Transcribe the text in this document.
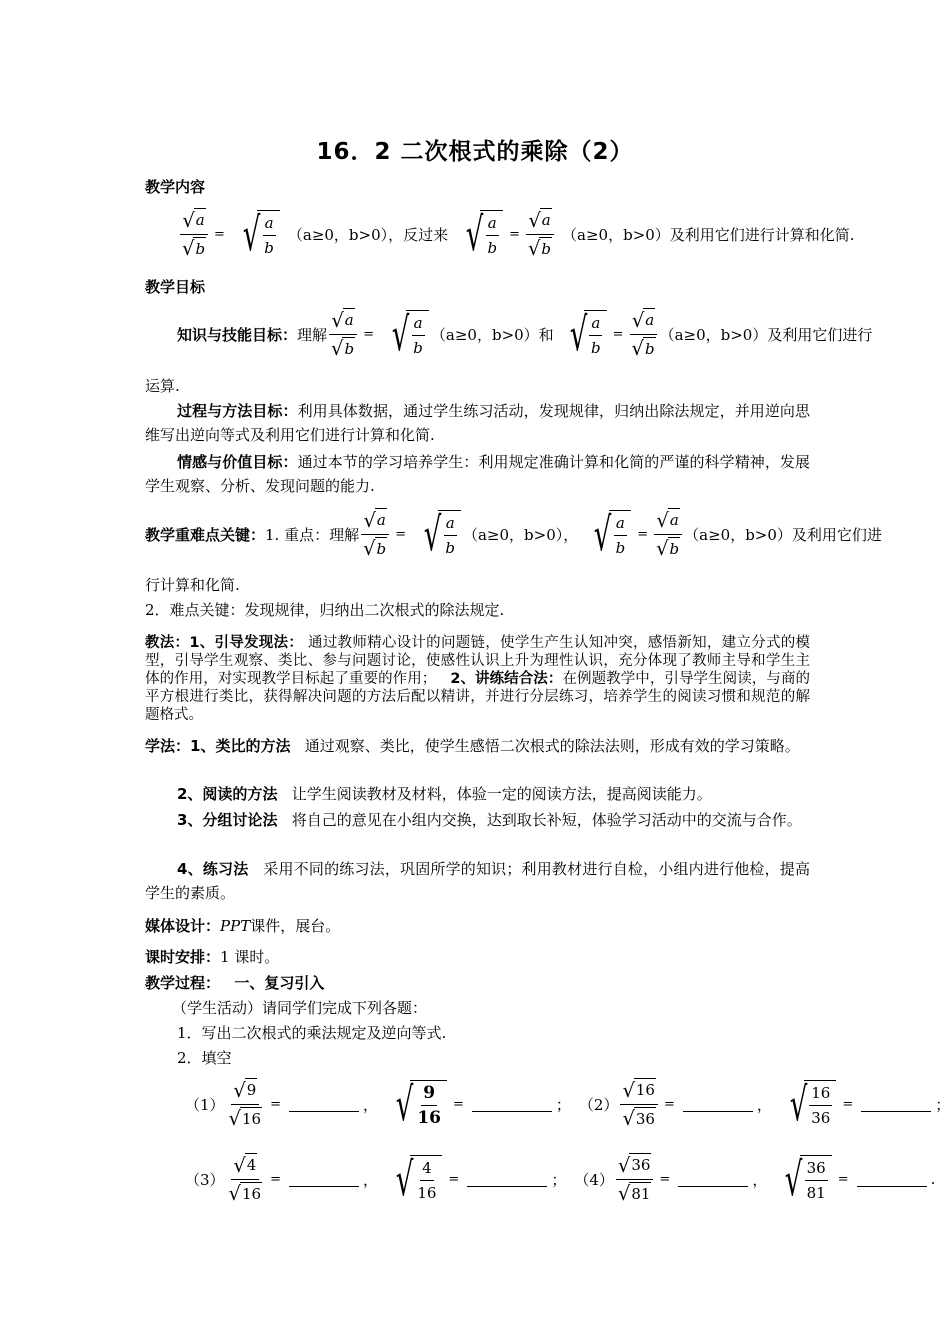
16．2 二次根式的乘除（2）
教学内容
$\frac{√ a}{√ b}$ = √ $\frac{a}{b} (a\ge 0$，b>0），反过来 √ $\frac{a}{b} = \frac{√ a}{√ b} (a\ge 0$，b>0）及利用它们进行计算和化简.
教学目标
知识与技能目标： 理解 $\frac{√ a}{√ b}$ = √ $\frac{a}{b} (a\ge 0$，b>0）和 √ $\frac{a}{b} = \frac{√ a}{√ b} (a\ge 0$，b>0）及利用它们进行
运算.
过程与方法目标：利用具体数据，通过学生练习活动，发现规律，归纳出除法规定，并用逆向思维写出逆向等式及利用它们进行计算和化简.
情感与价值目标：通过本节的学习培养学生：利用规定准确计算和化简的严谨的科学精神，发展学生观察、分析、发现问题的能力.
教学重难点关键： 1. 重点：理解 $\frac{√ a}{√ b}$ = √ $\frac{a}{b} (a\ge 0$，b>0）， √ $\frac{a}{b} = \frac{√ a}{√ b} (a\ge 0$，b>0）及利用它们进
行计算和化简.
2．难点关键：发现规律，归纳出二次根式的除法规定.
教法：1、引导发现法： 通过教师精心设计的问题链，使学生产生认知冲突，感悟新知，建立分式的模型，引导学生观察、类比、参与问题讨论，使感性认识上升为理性认识，充分体现了教师主导和学生主体的作用，对实现教学目标起了重要的作用； 2、讲练结合法：在例题教学中，引导学生阅读，与商的平方根进行类比，获得解决问题的方法后配以精讲，并进行分层练习，培养学生的阅读习惯和规范的解题格式。
学法：1、类比的方法 通过观察、类比，使学生感悟二次根式的除法法则，形成有效的学习策略。
2、阅读的方法 让学生阅读教材及材料，体验一定的阅读方法，提高阅读能力。
3、分组讨论法 将自己的意见在小组内交换，达到取长补短，体验学习活动中的交流与合作。
4、练习法 采用不同的练习法，巩固所学的知识；利用教材进行自检，小组内进行他检，提高学生的素质。
媒体设计：PPT课件，展台。
课时安排：1 课时。
教学过程： 一、复习引入
（学生活动）请同学们完成下列各题：
1．写出二次根式的乘法规定及逆向等式.
2．填空
$(1) \frac{√ 9}{√ 16}$ =	， √ $\frac{9}{16}$ =	； $(2) \frac{√ 16}{√ 36}$ =	， √ $\frac{16}{36}$ =	；
$(3) \frac{√ 4}{√ 16}$ =	， √ $\frac{4}{16}$ =	； $(4) \frac{√ 36}{√ 81}$ =	， √ $\frac{36}{81}$ =	.
